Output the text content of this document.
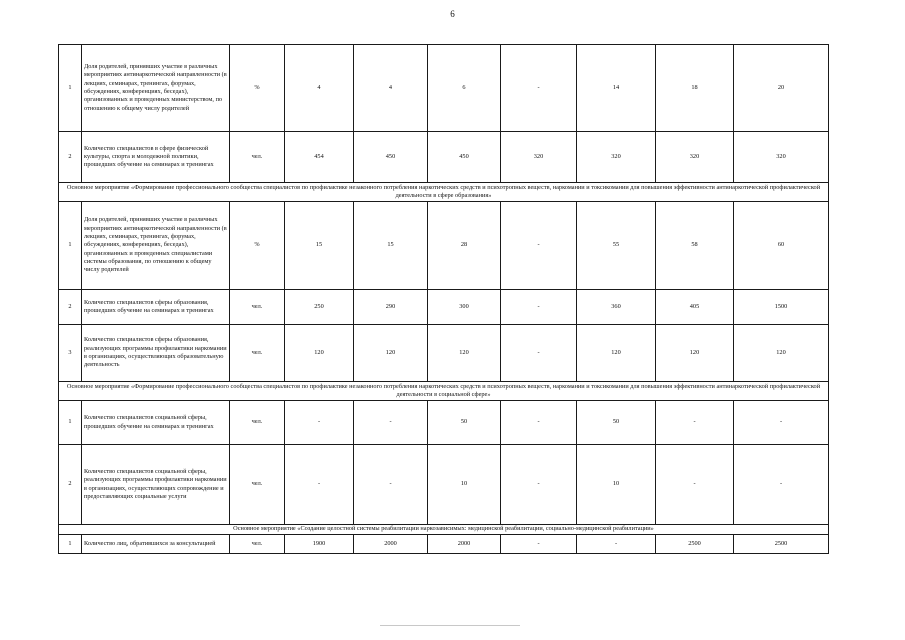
6
1	Доля родителей, принявших участие в различных мероприятиях антинаркотической направленности (в лекциях, семинарах, тренингах, форумах, обсуждениях, конференциях, беседах), организованных и проведенных министерством, по отношению к общему числу родителей	%	4	4	6	-	14	18	20
2	Количество специалистов в сфере физической культуры, спорта и молодежной политики, прошедших обучение на семинарах и тренингах	чел.	454	450	450	320	320	320	320
Основное мероприятие «Формирование профессионального сообщества специалистов по профилактике незаконного потребления наркотических средств и психотропных веществ, наркомании и токсикомании для повышения эффективности антинаркотической профилактической деятельности в сфере образования»									
1	Доля родителей, принявших участие в различных мероприятиях антинаркотической направленности (в лекциях, семинарах, тренингах, форумах, обсуждениях, конференциях, беседах), организованных и проведенных специалистами системы образования, по отношению к общему числу родителей	%	15	15	28	-	55	58	60
2	Количество специалистов сферы образования, прошедших обучение на семинарах и тренингах	чел.	250	290	300	-	360	405	1500
3	Количество специалистов сферы образования, реализующих программы профилактики наркомании в организациях, осуществляющих образовательную деятельность	чел.	120	120	120	-	120	120	120
Основное мероприятие «Формирование профессионального сообщества специалистов по профилактике незаконного потребления наркотических средств и психотропных веществ, наркомании и токсикомании для повышения эффективности антинаркотической профилактической деятельности в социальной сфере»									
1	Количество специалистов социальной сферы, прошедших обучение на семинарах и тренингах	чел.	-	-	50	-	50	-	-
2	Количество специалистов социальной сферы, реализующих программы профилактики наркомании в организациях, осуществляющих сопровождение и предоставляющих социальные услуги	чел.	-	-	10	-	10	-	-
Основное мероприятие «Создание целостной системы реабилитации наркозависимых: медицинской реабилитации, социально-медицинской реабилитации»									
1	Количество лиц, обратившихся за консультацией	чел.	1900	2000	2000	-	-	2500	2500
